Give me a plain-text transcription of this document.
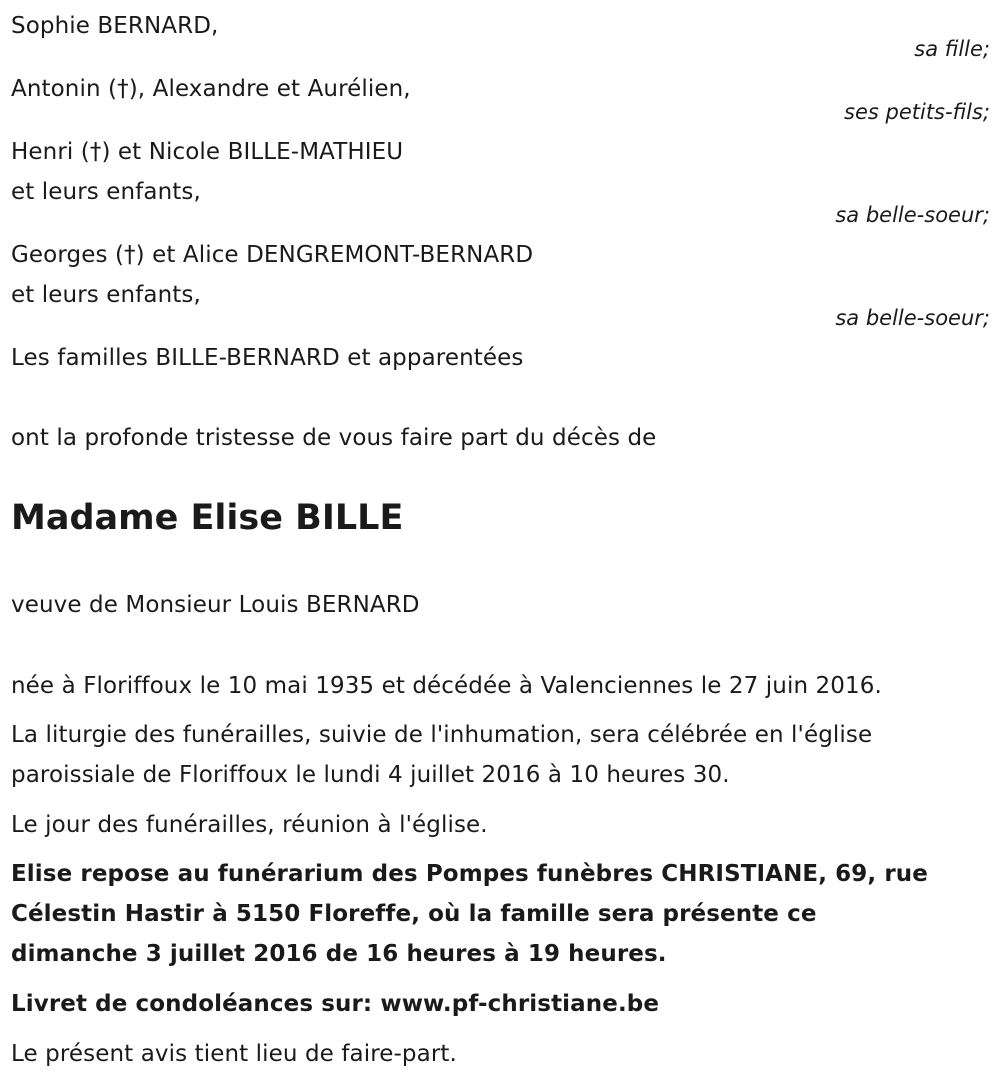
Sophie BERNARD,
sa fille;
Antonin (†), Alexandre et Aurélien,
ses petits-fils;
Henri (†) et Nicole BILLE-MATHIEU
et leurs enfants,
sa belle-soeur;
Georges (†) et Alice DENGREMONT-BERNARD
et leurs enfants,
sa belle-soeur;
Les familles BILLE-BERNARD et apparentées
ont la profonde tristesse de vous faire part du décès de
Madame Elise BILLE
veuve de Monsieur Louis BERNARD
née à Floriffoux le 10 mai 1935 et décédée à Valenciennes le 27 juin 2016.
La liturgie des funérailles, suivie de l'inhumation, sera célébrée en l'église
paroissiale de Floriffoux le lundi 4 juillet 2016 à 10 heures 30.
Le jour des funérailles, réunion à l'église.
Elise repose au funérarium des Pompes funèbres CHRISTIANE, 69, rue
Célestin Hastir à 5150 Floreffe, où la famille sera présente ce
dimanche 3 juillet 2016 de 16 heures à 19 heures.
Livret de condoléances sur: www.pf-christiane.be
Le présent avis tient lieu de faire-part.
